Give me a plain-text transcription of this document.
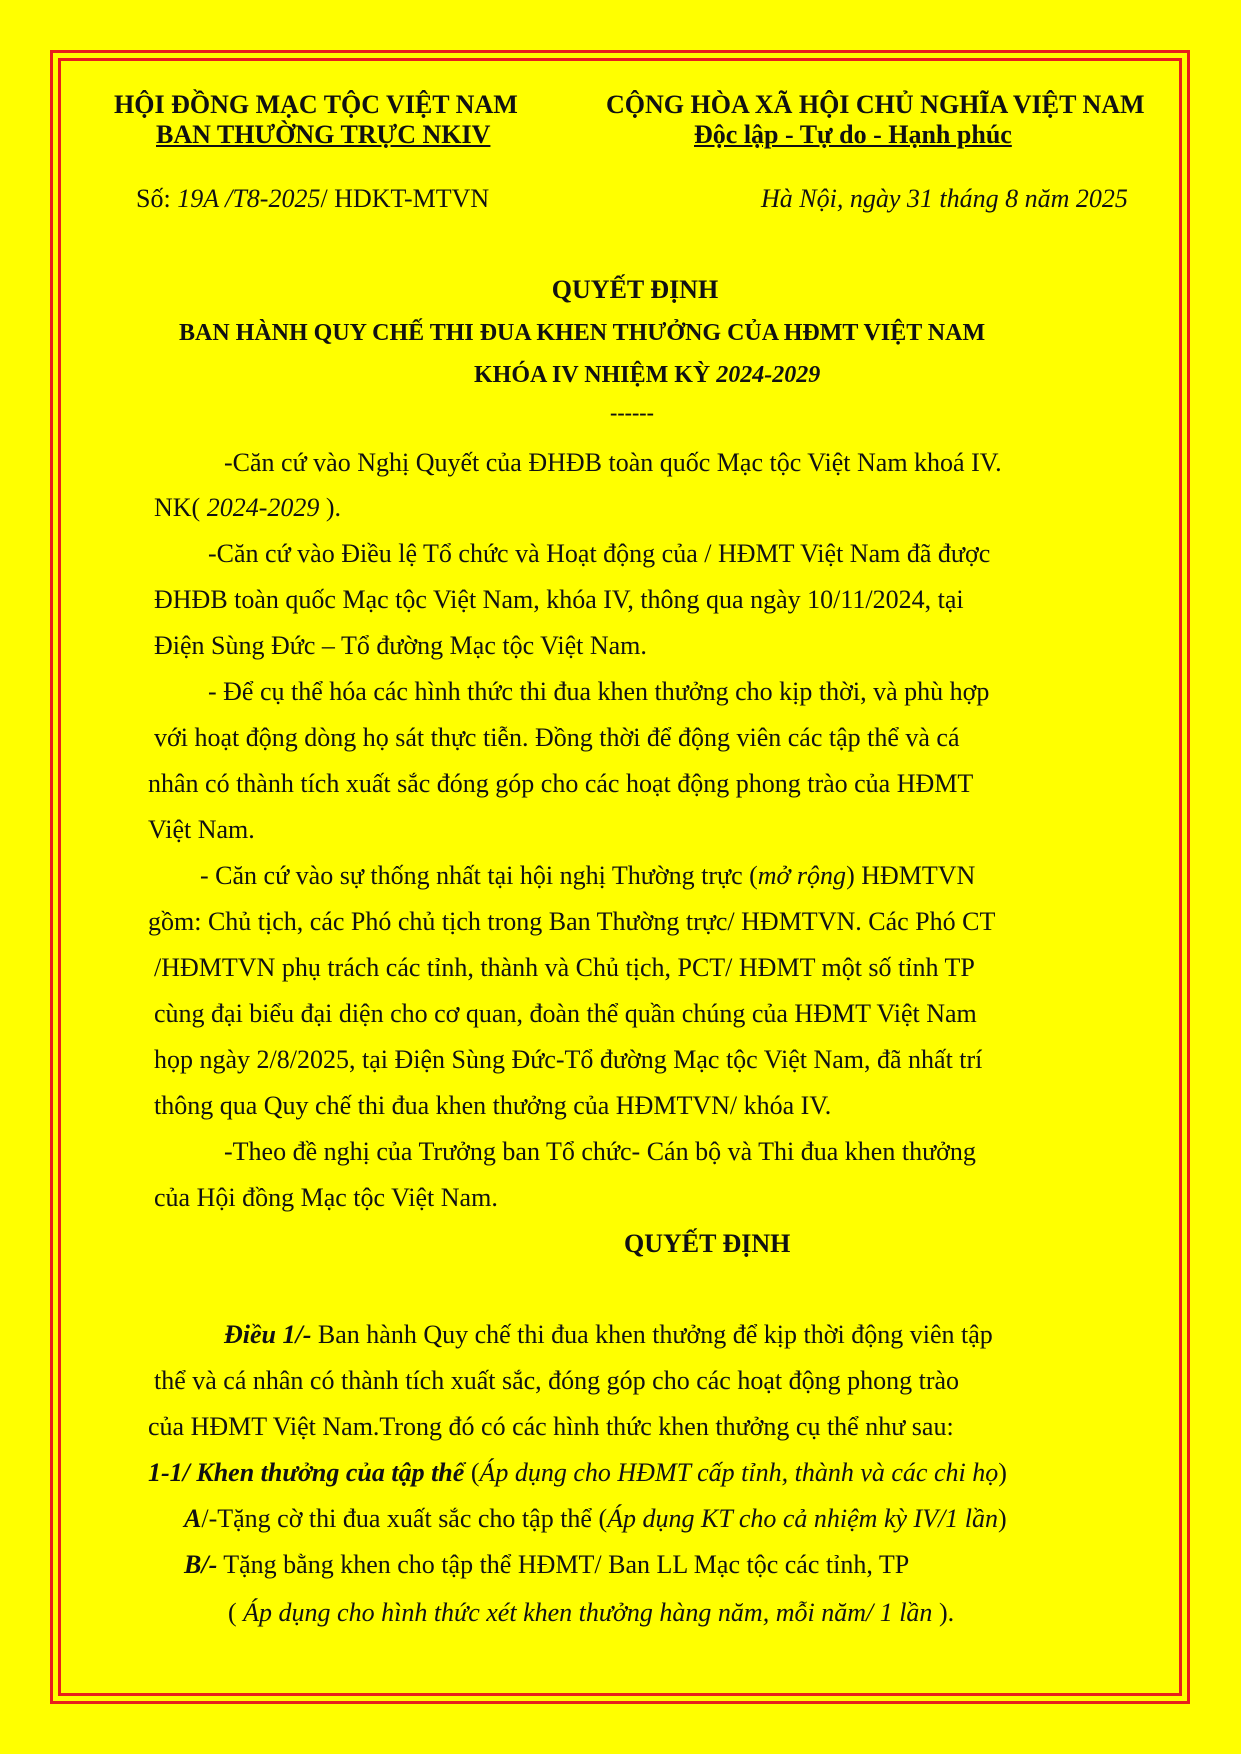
HỘI ĐỒNG MẠC TỘC VIỆT NAM
BAN THƯỜNG TRỰC NKIV
CỘNG HÒA XÃ HỘI CHỦ NGHĨA VIỆT NAM
Độc lập - Tự do - Hạnh phúc
Số: 19A /T8-2025/ HDKT-MTVN	Hà Nội, ngày 31 tháng 8 năm 2025
QUYẾT ĐỊNH
BAN HÀNH QUY CHẾ THI ĐUA KHEN THƯỞNG CỦA HĐMT VIỆT NAM
KHÓA IV NHIỆM KỲ 2024-2029
------
-Căn cứ vào Nghị Quyết của ĐHĐB toàn quốc Mạc tộc Việt Nam khoá IV.
NK( 2024-2029 ).
-Căn cứ vào Điều lệ Tổ chức và Hoạt động của / HĐMT Việt Nam đã được
ĐHĐB toàn quốc Mạc tộc Việt Nam, khóa IV, thông qua ngày 10/11/2024, tại
Điện Sùng Đức – Tổ đường Mạc tộc Việt Nam.
- Để cụ thể hóa các hình thức thi đua khen thưởng cho kịp thời, và phù hợp
với hoạt động dòng họ sát thực tiễn. Đồng thời để động viên các tập thể và cá
nhân có thành tích xuất sắc đóng góp cho các hoạt động phong trào của HĐMT
Việt Nam.
- Căn cứ vào sự thống nhất tại hội nghị Thường trực (mở rộng) HĐMTVN
gồm: Chủ tịch, các Phó chủ tịch trong Ban Thường trực/ HĐMTVN. Các Phó CT
/HĐMTVN phụ trách các tỉnh, thành và Chủ tịch, PCT/ HĐMT một số tỉnh TP
cùng đại biểu đại diện cho cơ quan, đoàn thể quần chúng của HĐMT Việt Nam
họp ngày 2/8/2025, tại Điện Sùng Đức-Tổ đường Mạc tộc Việt Nam, đã nhất trí
thông qua Quy chế thi đua khen thưởng của HĐMTVN/ khóa IV.
-Theo đề nghị của Trưởng ban Tổ chức- Cán bộ và Thi đua khen thưởng
của Hội đồng Mạc tộc Việt Nam.
QUYẾT ĐỊNH
Điều 1/- Ban hành Quy chế thi đua khen thưởng để kịp thời động viên tập
thể và cá nhân có thành tích xuất sắc, đóng góp cho các hoạt động phong trào
của HĐMT Việt Nam.Trong đó có các hình thức khen thưởng cụ thể như sau:
1-1/ Khen thưởng của tập thể (Áp dụng cho HĐMT cấp tỉnh, thành và các chi họ)
A/-Tặng cờ thi đua xuất sắc cho tập thể (Áp dụng KT cho cả nhiệm kỳ IV/1 lần)
B/- Tặng bằng khen cho tập thể HĐMT/ Ban LL Mạc tộc các tỉnh, TP
( Áp dụng cho hình thức xét khen thưởng hàng năm, mỗi năm/ 1 lần ).
